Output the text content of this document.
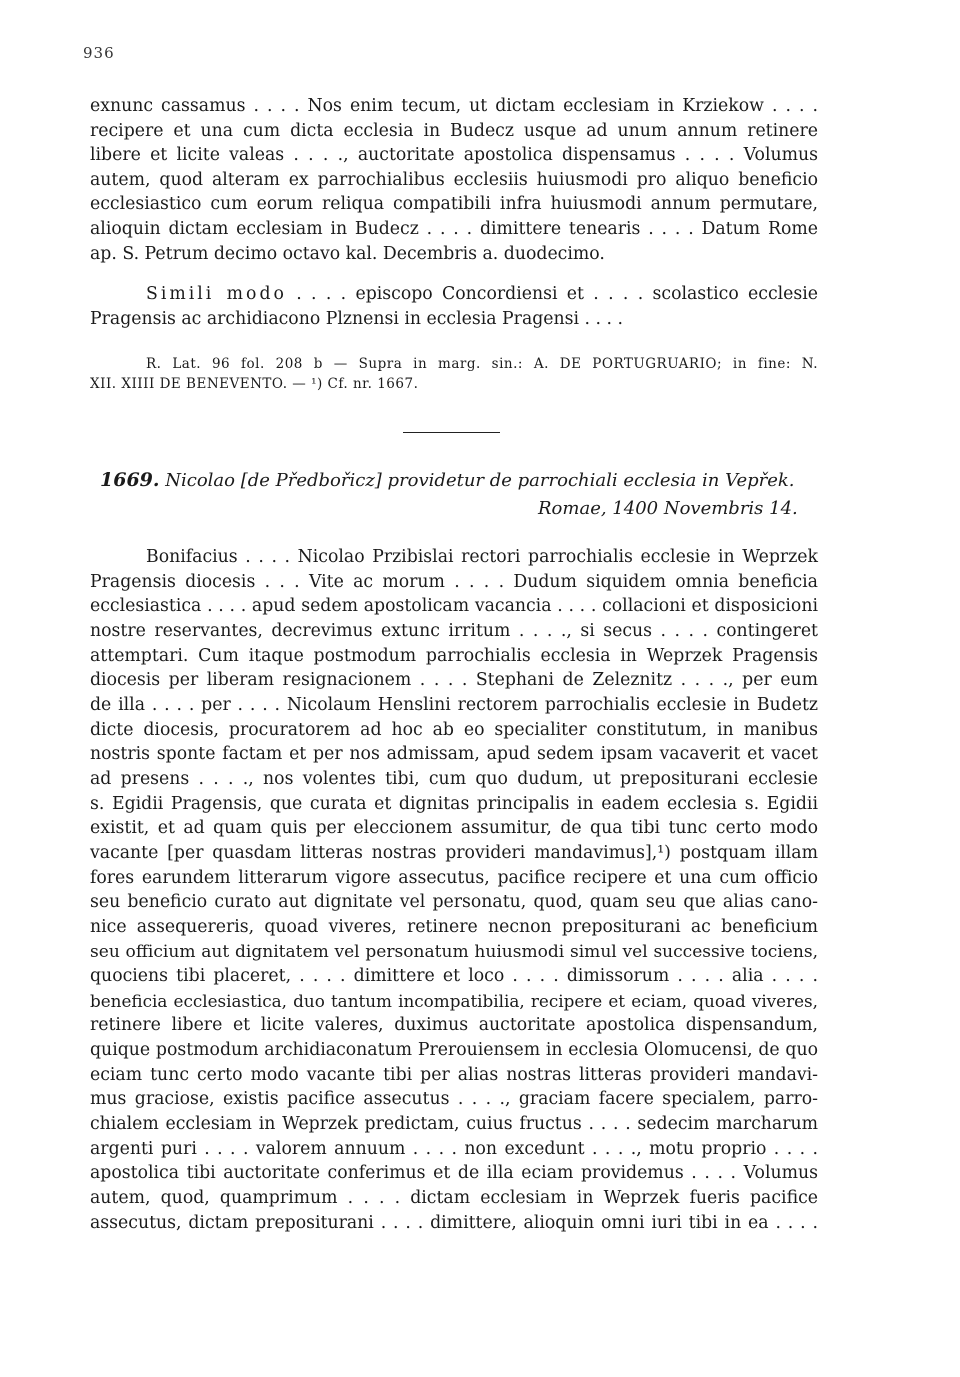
936
exnunc cassamus . . . . Nos enim tecum, ut dictam ecclesiam in Krziekow . . . .
recipere et una cum dicta ecclesia in Budecz usque ad unum annum retinere
libere et licite valeas . . . ., auctoritate apostolica dispensamus . . . . Volumus
autem, quod alteram ex parrochialibus ecclesiis huiusmodi pro aliquo beneficio
ecclesiastico cum eorum reliqua compatibili infra huiusmodi annum permutare,
alioquin dictam ecclesiam in Budecz . . . . dimittere tenearis . . . . Datum Rome
ap. S. Petrum decimo octavo kal. Decembris a. duodecimo.
Simili modo . . . . episcopo Concordiensi et . . . . scolastico ecclesie
Pragensis ac archidiacono Plznensi in ecclesia Pragensi . . . .
R. Lat. 96 fol. 208 b — Supra in marg. sin.: A. DE PORTUGRUARIO; in fine: N.
XII. XIIII DE BENEVENTO. — ¹) Cf. nr. 1667.
1669. Nicolao [de Předbořicz] providetur de parrochiali ecclesia in Vepřek.
Romae, 1400 Novembris 14.
Bonifacius . . . . Nicolao Przibislai rectori parrochialis ecclesie in Weprzek
Pragensis diocesis . . . Vite ac morum . . . . Dudum siquidem omnia beneficia
ecclesiastica . . . . apud sedem apostolicam vacancia . . . . collacioni et disposicioni
nostre reservantes, decrevimus extunc irritum . . . ., si secus . . . . contingeret
attemptari. Cum itaque postmodum parrochialis ecclesia in Weprzek Pragensis
diocesis per liberam resignacionem . . . . Stephani de Zeleznitz . . . ., per eum
de illa . . . . per . . . . Nicolaum Henslini rectorem parrochialis ecclesie in Budetz
dicte diocesis, procuratorem ad hoc ab eo specialiter constitutum, in manibus
nostris sponte factam et per nos admissam, apud sedem ipsam vacaverit et vacet
ad presens . . . ., nos volentes tibi, cum quo dudum, ut prepositurani ecclesie
s. Egidii Pragensis, que curata et dignitas principalis in eadem ecclesia s. Egidii
existit, et ad quam quis per eleccionem assumitur, de qua tibi tunc certo modo
vacante [per quasdam litteras nostras provideri mandavimus],¹) postquam illam
fores earundem litterarum vigore assecutus, pacifice recipere et una cum officio
seu beneficio curato aut dignitate vel personatu, quod, quam seu que alias cano-
nice assequereris, quoad viveres, retinere necnon prepositurani ac beneficium
seu officium aut dignitatem vel personatum huiusmodi simul vel successive tociens,
quociens tibi placeret, . . . . dimittere et loco . . . . dimissorum . . . . alia . . . .
beneficia ecclesiastica, duo tantum incompatibilia, recipere et eciam, quoad viveres,
retinere libere et licite valeres, duximus auctoritate apostolica dispensandum,
quique postmodum archidiaconatum Prerouiensem in ecclesia Olomucensi, de quo
eciam tunc certo modo vacante tibi per alias nostras litteras provideri mandavi-
mus graciose, existis pacifice assecutus . . . ., graciam facere specialem, parro-
chialem ecclesiam in Weprzek predictam, cuius fructus . . . . sedecim marcharum
argenti puri . . . . valorem annuum . . . . non excedunt . . . ., motu proprio . . . .
apostolica tibi auctoritate conferimus et de illa eciam providemus . . . . Volumus
autem, quod, quamprimum . . . . dictam ecclesiam in Weprzek fueris pacifice
assecutus, dictam prepositurani . . . . dimittere, alioquin omni iuri tibi in ea . . . .
